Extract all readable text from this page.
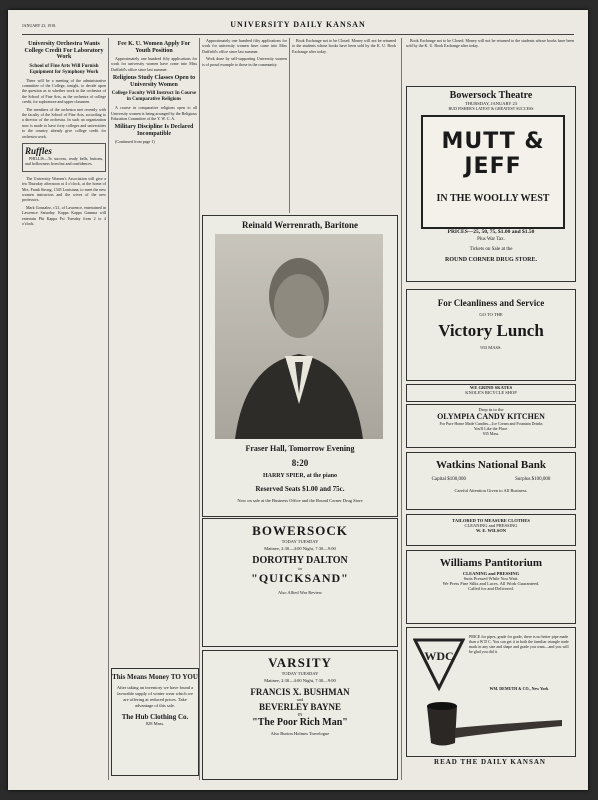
JANUARY 23, 1918.	UNIVERSITY DAILY KANSAN
University Orchestra Wants College Credit For Laboratory Work
School of Fine Arts Will Furnish Equipment for Symphony Work

There will be a meeting of the administrative committee of the College, tonight, to decide upon the question as to whether work in the orchestra of the School of Fine Arts, as the orchestra of college credit, for sophomore and upper classmen.

The members of the orchestra met recently with the faculty of the School of Fine Arts, according to a director of the orchestra. In such an organization now is made to have forty colleges and universities to the country already give college credit for orchestra work.

Ruffles

PHILLIS—To success, ready bells, buttons, and hollowness from but and confidences.

The University Women's Association will give a tea Thursday afternoon at 4 o'clock, at the home of Mrs. Frank Strong, 1345 Louisiana, to meet the new women instructors and the wives of the new professors.

Mark Gonzalez, c'21, of Lawrence, entertained in Lawrence Saturday. Kappa Kappa Gamma will entertain Phi Kappa Psi Tuesday from 2 to 4 o'clock.

Fee K. U. Women Apply For Youth Position

Approximately one hundred fifty applications for work for university women have come into Miss Duffield's office since last summer.

Religious Study Classes Open to University Women
College Faculty Will Instruct In Course in Comparative Religions

A course in comparative religions open to all University women is being arranged by the Religious Education Committee of the Y. W. C. A.

Military Discipline Is Declared Incompatible

(Continued from page 1)

This Means Money TO YOU

After taking an inventory we have found a favorable supply of winter wear which we are offering at reduced prices. Take advantage of this sale.

The Hub Clothing Co.
828 Mass.

Approximately one hundred fifty applications for work for university women have come into Miss Duffield's office since last summer.

Work done by self-supporting University women is of proud example to those in the community.

Book Exchange not to be Closed. Money will not be returned to the students whose books have been sold by the K. U. Book Exchange after today.

Reinald Werrenrath, Baritone
Fraser Hall, Tomorrow Evening
8:20
HARRY SPIER, at the piano
Reserved Seats $1.00 and 75c.
Now on sale at the Business Office and the Round Corner Drug Store
BOWERSOCK
TODAY TUESDAY
Matinee, 2:30—4:00 Night, 7:30—9:00
DOROTHY DALTON
in
"QUICKSAND"
Also Allied War Review
VARSITY
TODAY TUESDAY
Matinee, 2:30—4:00 Night, 7:30—9:00
FRANCIS X. BUSHMAN
and
BEVERLEY BAYNE
IN
"The Poor Rich Man"
Also Burton Holmes Travelogue

Book Exchange not to be Closed. Money will not be returned to the students whose books have been sold by the K. U. Book Exchange after today.

Bowersock Theatre
THURSDAY, JANUARY 23
BUD FISHER'S LATEST & GREATEST SUCCESS
MUTT & JEFF
IN THE WOOLLY WEST
PRICES—25, 50, 75, $1.00 and $1.50
Plus War Tax.
Tickets on Sale at the
ROUND CORNER DRUG STORE.
For Cleanliness and Service
GO TO THE
Victory Lunch
933 MASS.
WE GRIND SKATES
KNOLE'S BICYCLE SHOP
Drop in to the
OLYMPIA CANDY KITCHEN
For Pure Home Made Candies—Ice Cream and Fountain Drinks
You'll Like the Place.
935 Mass.
Watkins National Bank
Capital $100,000	Surplus $100,000
Careful Attention Given to All Business.
TAILORED TO MEASURE CLOTHES
CLEANING and PRESSING
W. E. WILSON
Williams Pantitorium
CLEANING and PRESSING
Suits Pressed While You Wait.
We Press Fine Silks and Laces. All Work Guaranteed.
Called for and Delivered.
WDC

PRICE for pipes, grade for grade, there is no better pipe made than a W D C. You can get it in both the familiar triangle trade mark in any size and shape and grade you want—and you will be glad you did it.

WM. DEMUTH & CO., New York
READ THE DAILY KANSAN
